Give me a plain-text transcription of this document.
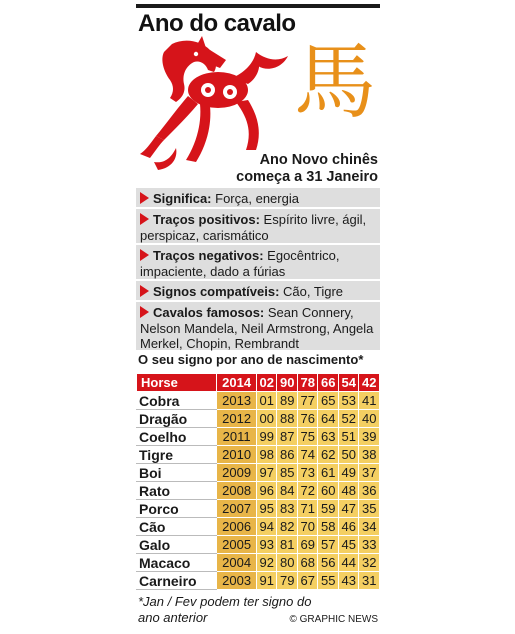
Ano do cavalo
馬
Ano Novo chinês
começa a 31 Janeiro
Significa: Força, energia
Traços positivos: Espírito livre, ágil, perspicaz, carismático
Traços negativos: Egocêntrico, impaciente, dado a fúrias
Signos compatíveis: Cão, Tigre
Cavalos famosos: Sean Connery, Nelson Mandela, Neil Armstrong, Angela Merkel, Chopin, Rembrandt
O seu signo por ano de nascimento*
Horse	2014	02	90	78	66	54	42
Cobra	2013	01	89	77	65	53	41
Dragão	2012	00	88	76	64	52	40
Coelho	2011	99	87	75	63	51	39
Tigre	2010	98	86	74	62	50	38
Boi	2009	97	85	73	61	49	37
Rato	2008	96	84	72	60	48	36
Porco	2007	95	83	71	59	47	35
Cão	2006	94	82	70	58	46	34
Galo	2005	93	81	69	57	45	33
Macaco	2004	92	80	68	56	44	32
Carneiro	2003	91	79	67	55	43	31
*Jan / Fev podem ter signo do
ano anterior	© GRAPHIC NEWS
